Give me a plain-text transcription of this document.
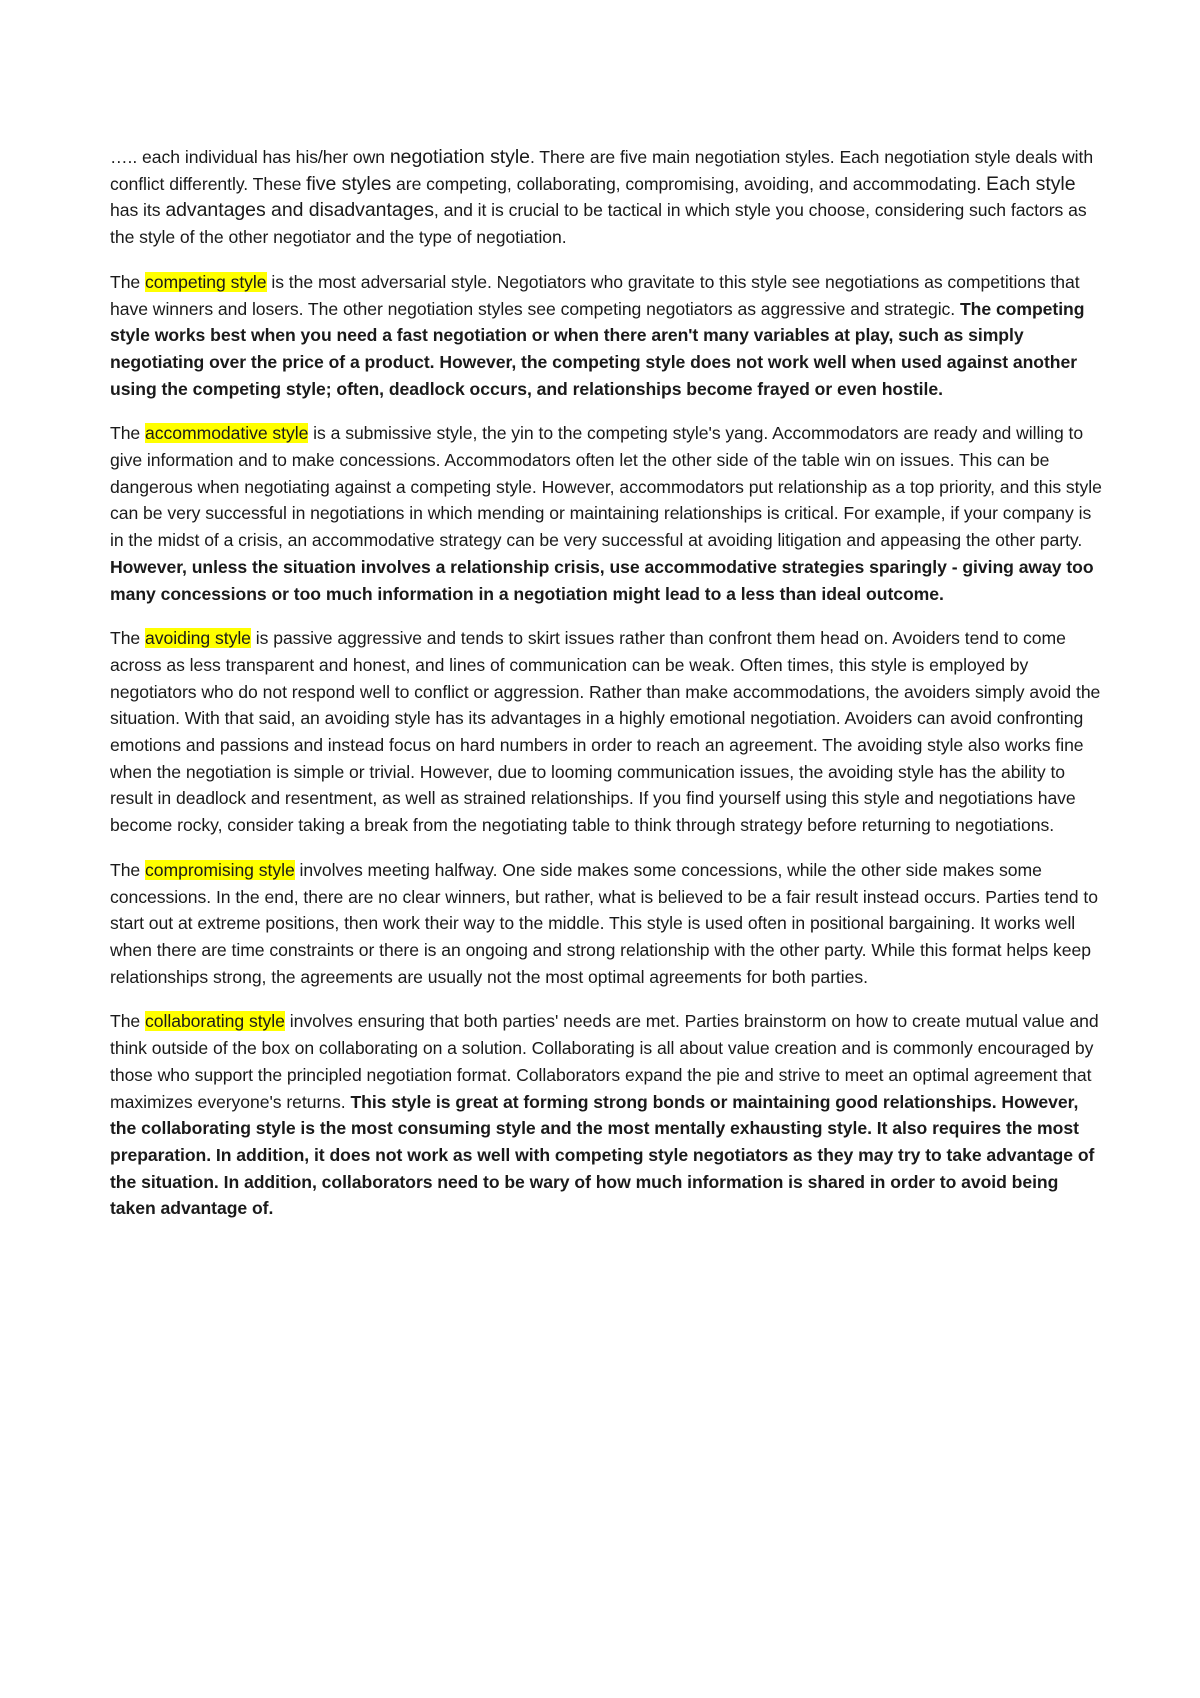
….. each individual has his/her own negotiation style. There are five main negotiation styles. Each negotiation style deals with conflict differently. These five styles are competing, collaborating, compromising, avoiding, and accommodating. Each style has its advantages and disadvantages, and it is crucial to be tactical in which style you choose, considering such factors as the style of the other negotiator and the type of negotiation.

The competing style is the most adversarial style. Negotiators who gravitate to this style see negotiations as competitions that have winners and losers. The other negotiation styles see competing negotiators as aggressive and strategic. The competing style works best when you need a fast negotiation or when there aren't many variables at play, such as simply negotiating over the price of a product. However, the competing style does not work well when used against another using the competing style; often, deadlock occurs, and relationships become frayed or even hostile.

The accommodative style is a submissive style, the yin to the competing style's yang. Accommodators are ready and willing to give information and to make concessions. Accommodators often let the other side of the table win on issues. This can be dangerous when negotiating against a competing style. However, accommodators put relationship as a top priority, and this style can be very successful in negotiations in which mending or maintaining relationships is critical. For example, if your company is in the midst of a crisis, an accommodative strategy can be very successful at avoiding litigation and appeasing the other party. However, unless the situation involves a relationship crisis, use accommodative strategies sparingly - giving away too many concessions or too much information in a negotiation might lead to a less than ideal outcome.

The avoiding style is passive aggressive and tends to skirt issues rather than confront them head on. Avoiders tend to come across as less transparent and honest, and lines of communication can be weak. Often times, this style is employed by negotiators who do not respond well to conflict or aggression. Rather than make accommodations, the avoiders simply avoid the situation. With that said, an avoiding style has its advantages in a highly emotional negotiation. Avoiders can avoid confronting emotions and passions and instead focus on hard numbers in order to reach an agreement. The avoiding style also works fine when the negotiation is simple or trivial. However, due to looming communication issues, the avoiding style has the ability to result in deadlock and resentment, as well as strained relationships. If you find yourself using this style and negotiations have become rocky, consider taking a break from the negotiating table to think through strategy before returning to negotiations.

The compromising style involves meeting halfway. One side makes some concessions, while the other side makes some concessions. In the end, there are no clear winners, but rather, what is believed to be a fair result instead occurs. Parties tend to start out at extreme positions, then work their way to the middle. This style is used often in positional bargaining. It works well when there are time constraints or there is an ongoing and strong relationship with the other party. While this format helps keep relationships strong, the agreements are usually not the most optimal agreements for both parties.

The collaborating style involves ensuring that both parties' needs are met. Parties brainstorm on how to create mutual value and think outside of the box on collaborating on a solution. Collaborating is all about value creation and is commonly encouraged by those who support the principled negotiation format. Collaborators expand the pie and strive to meet an optimal agreement that maximizes everyone's returns. This style is great at forming strong bonds or maintaining good relationships. However, the collaborating style is the most consuming style and the most mentally exhausting style. It also requires the most preparation. In addition, it does not work as well with competing style negotiators as they may try to take advantage of the situation. In addition, collaborators need to be wary of how much information is shared in order to avoid being taken advantage of.
